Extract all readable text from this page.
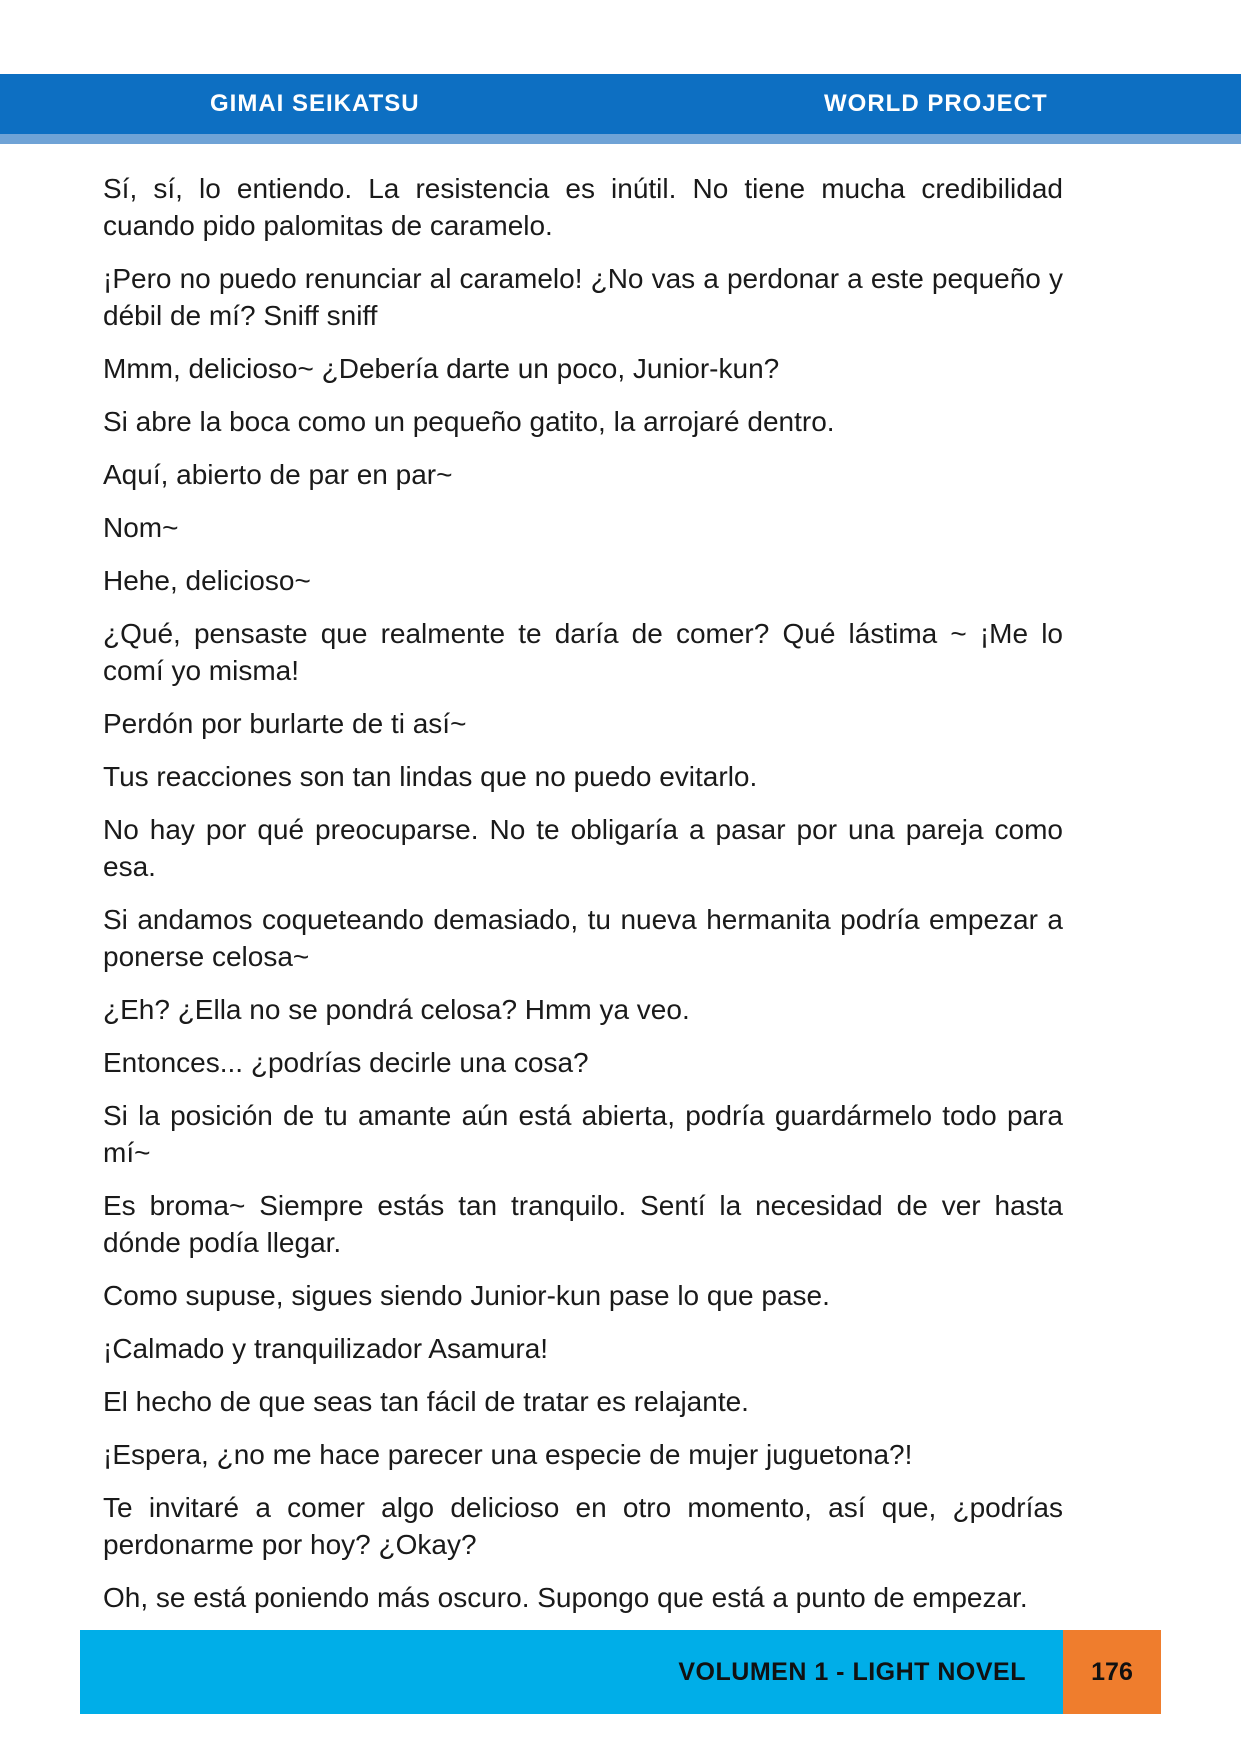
GIMAI SEIKATSU	WORLD PROJECT

Sí, sí, lo entiendo. La resistencia es inútil. No tiene mucha credibilidad cuando pido palomitas de caramelo.

¡Pero no puedo renunciar al caramelo! ¿No vas a perdonar a este pequeño y débil de mí? Sniff sniff

Mmm, delicioso~ ¿Debería darte un poco, Junior-kun?

Si abre la boca como un pequeño gatito, la arrojaré dentro.

Aquí, abierto de par en par~

Nom~

Hehe, delicioso~

¿Qué, pensaste que realmente te daría de comer? Qué lástima ~ ¡Me lo comí yo misma!

Perdón por burlarte de ti así~

Tus reacciones son tan lindas que no puedo evitarlo.

No hay por qué preocuparse. No te obligaría a pasar por una pareja como esa.

Si andamos coqueteando demasiado, tu nueva hermanita podría empezar a ponerse celosa~

¿Eh? ¿Ella no se pondrá celosa? Hmm ya veo.

Entonces... ¿podrías decirle una cosa?

Si la posición de tu amante aún está abierta, podría guardármelo todo para mí~

Es broma~ Siempre estás tan tranquilo. Sentí la necesidad de ver hasta dónde podía llegar.

Como supuse, sigues siendo Junior-kun pase lo que pase.

¡Calmado y tranquilizador Asamura!

El hecho de que seas tan fácil de tratar es relajante.

¡Espera, ¿no me hace parecer una especie de mujer juguetona?!

Te invitaré a comer algo delicioso en otro momento, así que, ¿podrías perdonarme por hoy? ¿Okay?

Oh, se está poniendo más oscuro. Supongo que está a punto de empezar.

VOLUMEN 1 - LIGHT NOVEL	176
